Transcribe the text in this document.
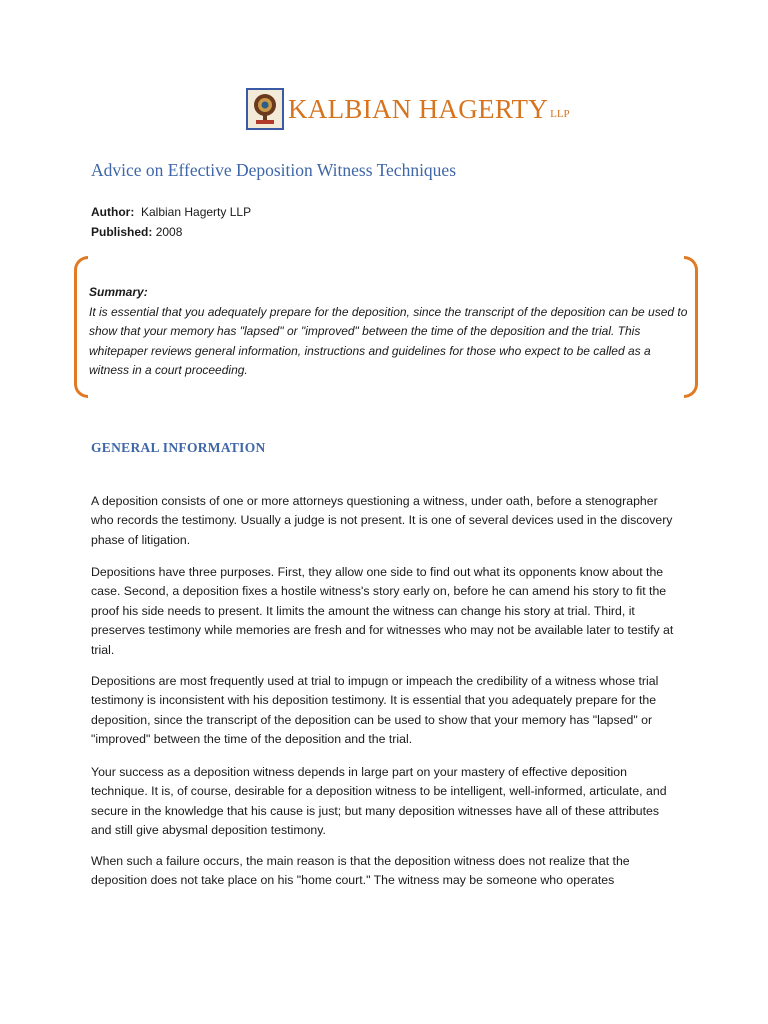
KALBIAN HAGERTY LLP
Advice on Effective Deposition Witness Techniques
Author: Kalbian Hagerty LLP
Published: 2008
Summary:
It is essential that you adequately prepare for the deposition, since the transcript of the deposition can be used to show that your memory has "lapsed" or "improved" between the time of the deposition and the trial. This whitepaper reviews general information, instructions and guidelines for those who expect to be called as a witness in a court proceeding.
GENERAL INFORMATION

A deposition consists of one or more attorneys questioning a witness, under oath, before a stenographer who records the testimony. Usually a judge is not present. It is one of several devices used in the discovery phase of litigation.

Depositions have three purposes. First, they allow one side to find out what its opponents know about the case. Second, a deposition fixes a hostile witness's story early on, before he can amend his story to fit the proof his side needs to present. It limits the amount the witness can change his story at trial. Third, it preserves testimony while memories are fresh and for witnesses who may not be available later to testify at trial.

Depositions are most frequently used at trial to impugn or impeach the credibility of a witness whose trial testimony is inconsistent with his deposition testimony. It is essential that you adequately prepare for the deposition, since the transcript of the deposition can be used to show that your memory has "lapsed" or "improved" between the time of the deposition and the trial.

Your success as a deposition witness depends in large part on your mastery of effective deposition technique. It is, of course, desirable for a deposition witness to be intelligent, well-informed, articulate, and secure in the knowledge that his cause is just; but many deposition witnesses have all of these attributes and still give abysmal deposition testimony.

When such a failure occurs, the main reason is that the deposition witness does not realize that the deposition does not take place on his "home court." The witness may be someone who operates
